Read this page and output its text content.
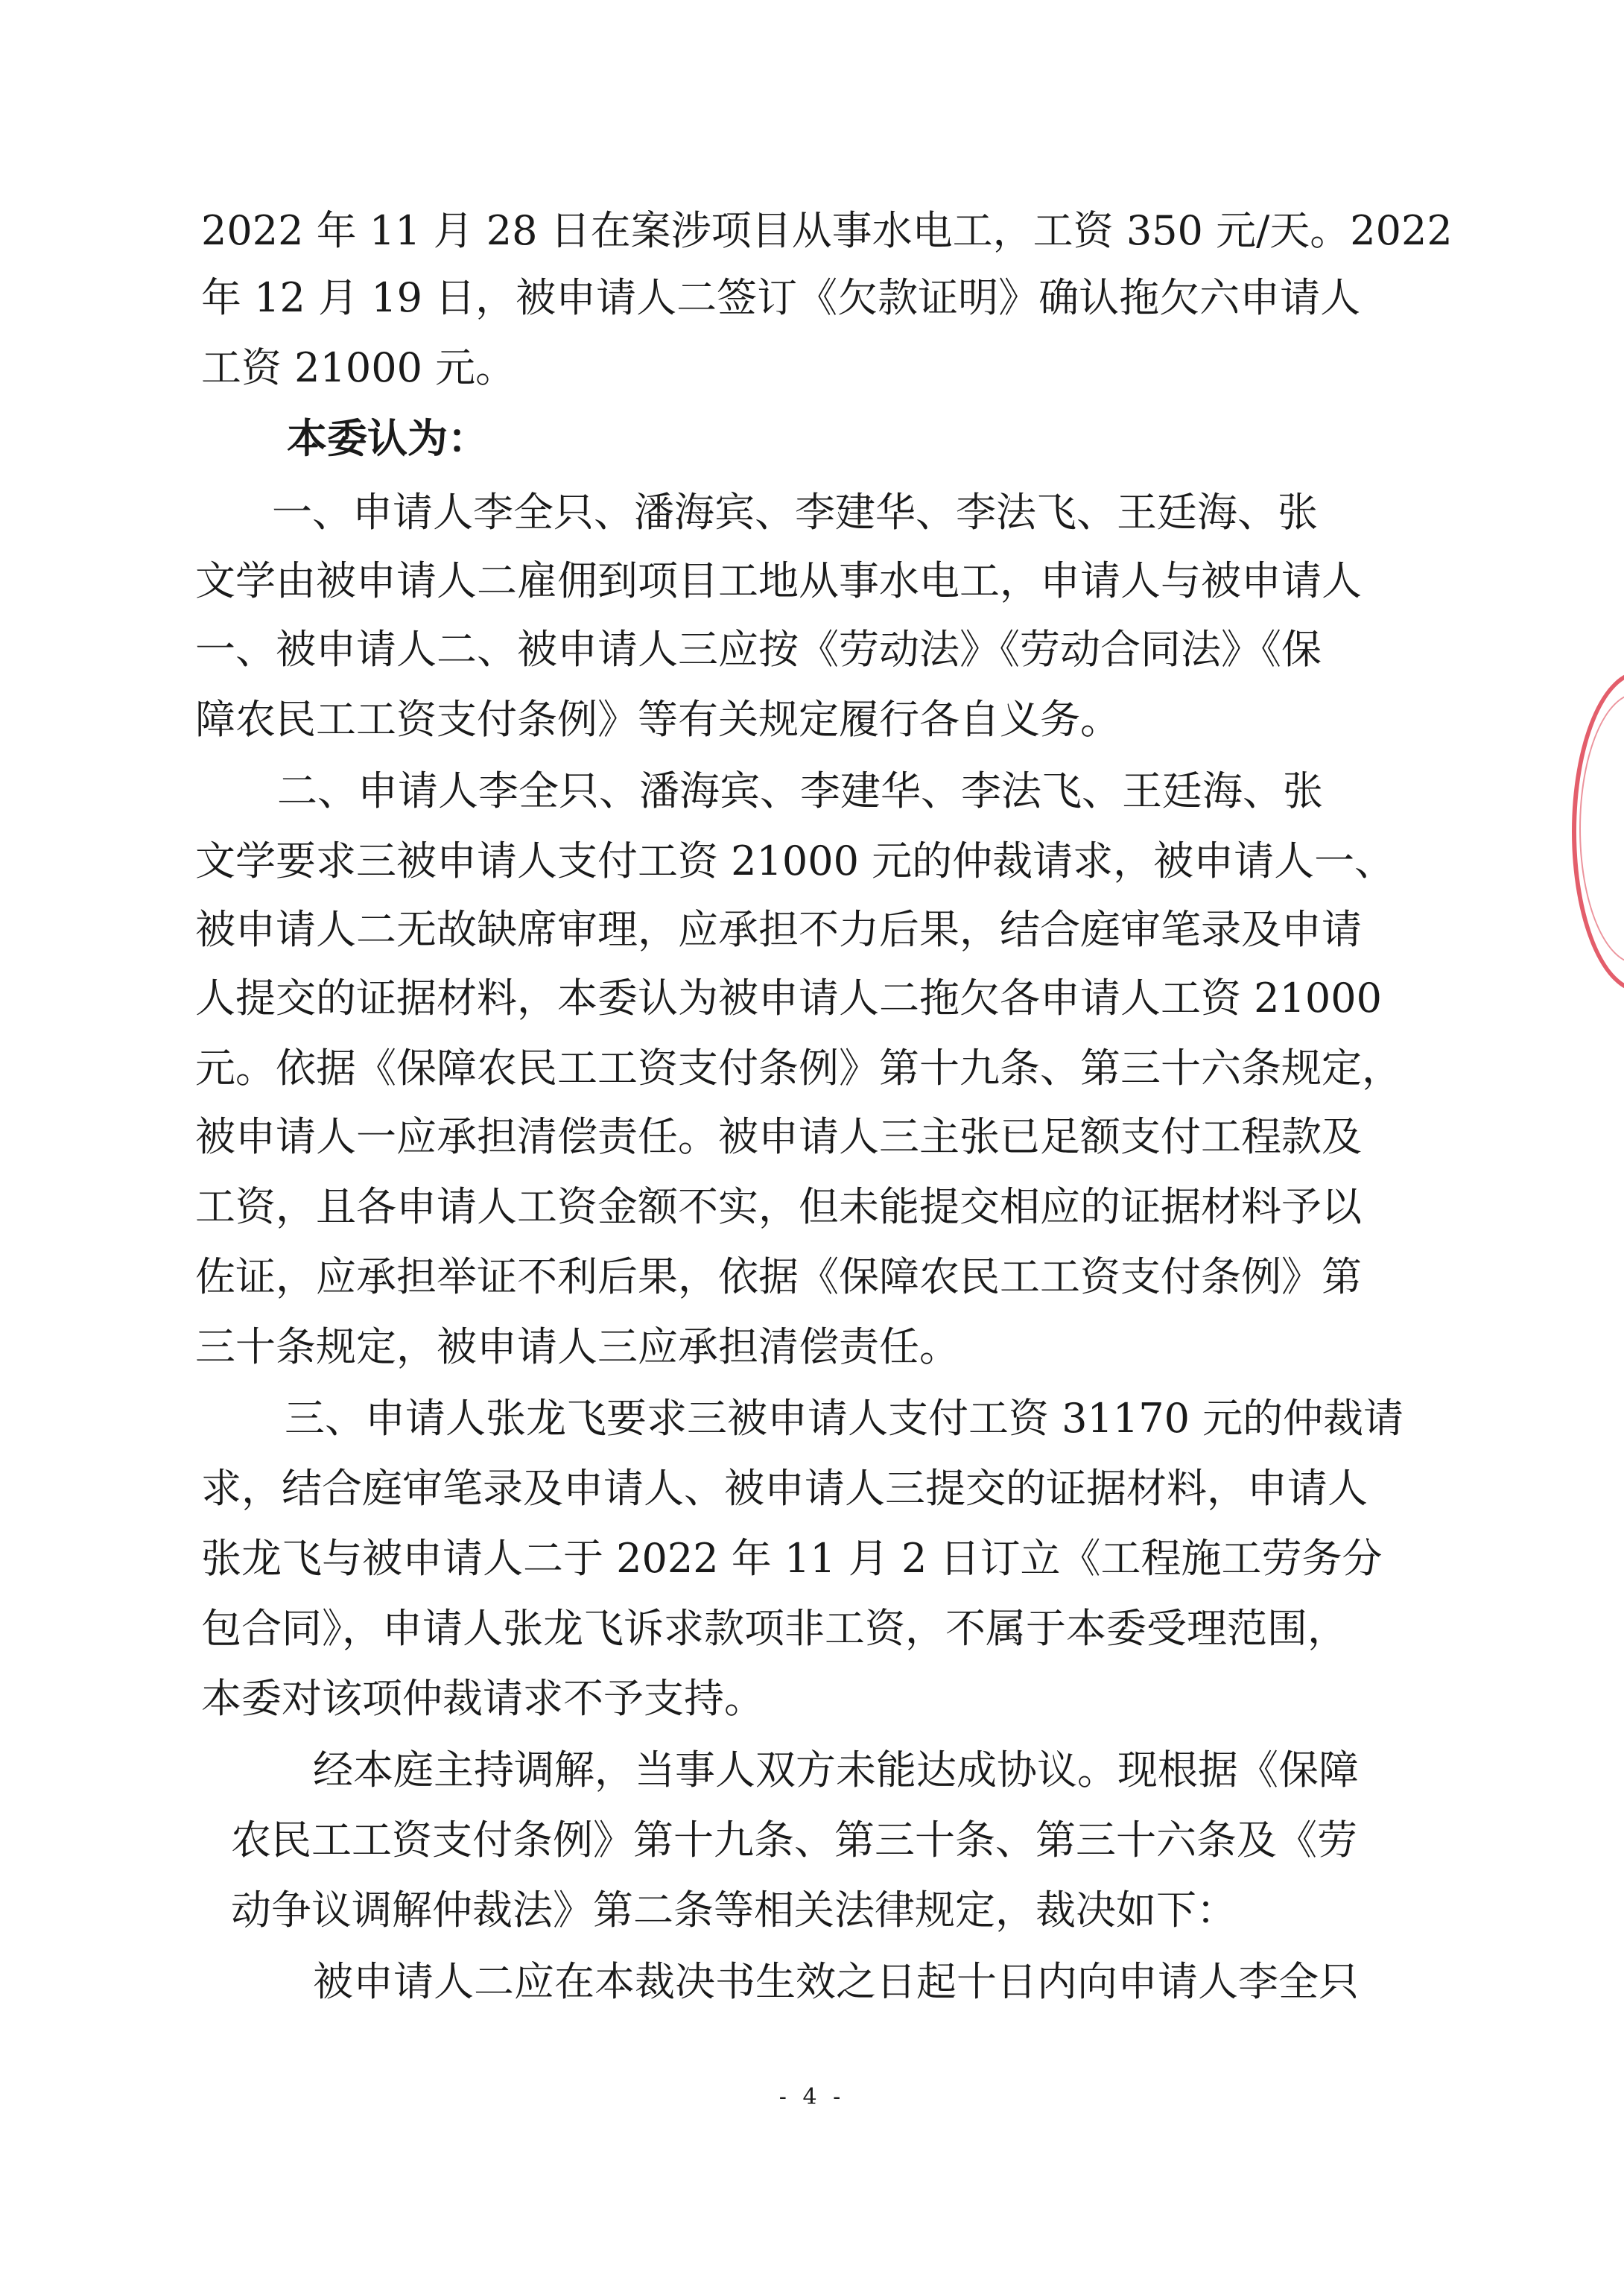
2022 年 11 月 28 日在案涉项目从事水电工，工资 350 元/天。2022
年 12 月 19 日，被申请人二签订《欠款证明》确认拖欠六申请人
工资 21000 元。
本委认为：
一、申请人李全只、潘海宾、李建华、李法飞、王廷海、张
文学由被申请人二雇佣到项目工地从事水电工，申请人与被申请人
一、被申请人二、被申请人三应按《劳动法》《劳动合同法》《保
障农民工工资支付条例》等有关规定履行各自义务。
二、申请人李全只、潘海宾、李建华、李法飞、王廷海、张
文学要求三被申请人支付工资 21000 元的仲裁请求，被申请人一、
被申请人二无故缺席审理，应承担不力后果，结合庭审笔录及申请
人提交的证据材料，本委认为被申请人二拖欠各申请人工资 21000
元。依据《保障农民工工资支付条例》第十九条、第三十六条规定，
被申请人一应承担清偿责任。被申请人三主张已足额支付工程款及
工资，且各申请人工资金额不实，但未能提交相应的证据材料予以
佐证，应承担举证不利后果，依据《保障农民工工资支付条例》第
三十条规定，被申请人三应承担清偿责任。
三、申请人张龙飞要求三被申请人支付工资 31170 元的仲裁请
求，结合庭审笔录及申请人、被申请人三提交的证据材料，申请人
张龙飞与被申请人二于 2022 年 11 月 2 日订立《工程施工劳务分
包合同》，申请人张龙飞诉求款项非工资，不属于本委受理范围，
本委对该项仲裁请求不予支持。
经本庭主持调解，当事人双方未能达成协议。现根据《保障
农民工工资支付条例》第十九条、第三十条、第三十六条及《劳
动争议调解仲裁法》第二条等相关法律规定，裁决如下：
被申请人二应在本裁决书生效之日起十日内向申请人李全只
- 4 -
